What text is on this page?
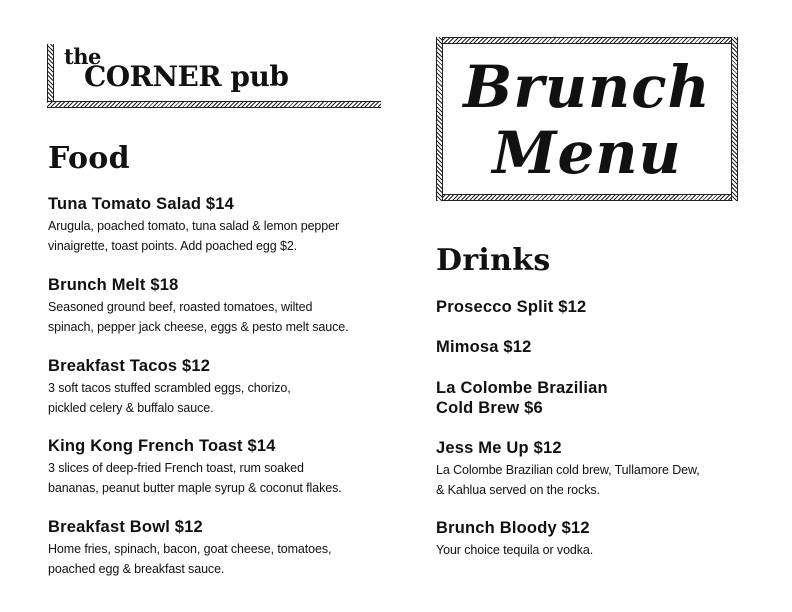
the
CORNER pub	Brunch
Menu
Food
Tuna Tomato Salad $14
Arugula, poached tomato, tuna salad & lemon pepper
vinaigrette, toast points. Add poached egg $2.
Brunch Melt $18
Seasoned ground beef, roasted tomatoes, wilted
spinach, pepper jack cheese, eggs & pesto melt sauce.
Breakfast Tacos $12
3 soft tacos stuffed scrambled eggs, chorizo,
pickled celery & buffalo sauce.
King Kong French Toast $14
3 slices of deep-fried French toast, rum soaked
bananas, peanut butter maple syrup & coconut flakes.
Breakfast Bowl $12
Home fries, spinach, bacon, goat cheese, tomatoes,
poached egg & breakfast sauce.
Drinks
Prosecco Split $12
Mimosa $12
La Colombe Brazilian
Cold Brew $6
Jess Me Up $12
La Colombe Brazilian cold brew, Tullamore Dew,
& Kahlua served on the rocks.
Brunch Bloody $12
Your choice tequila or vodka.
